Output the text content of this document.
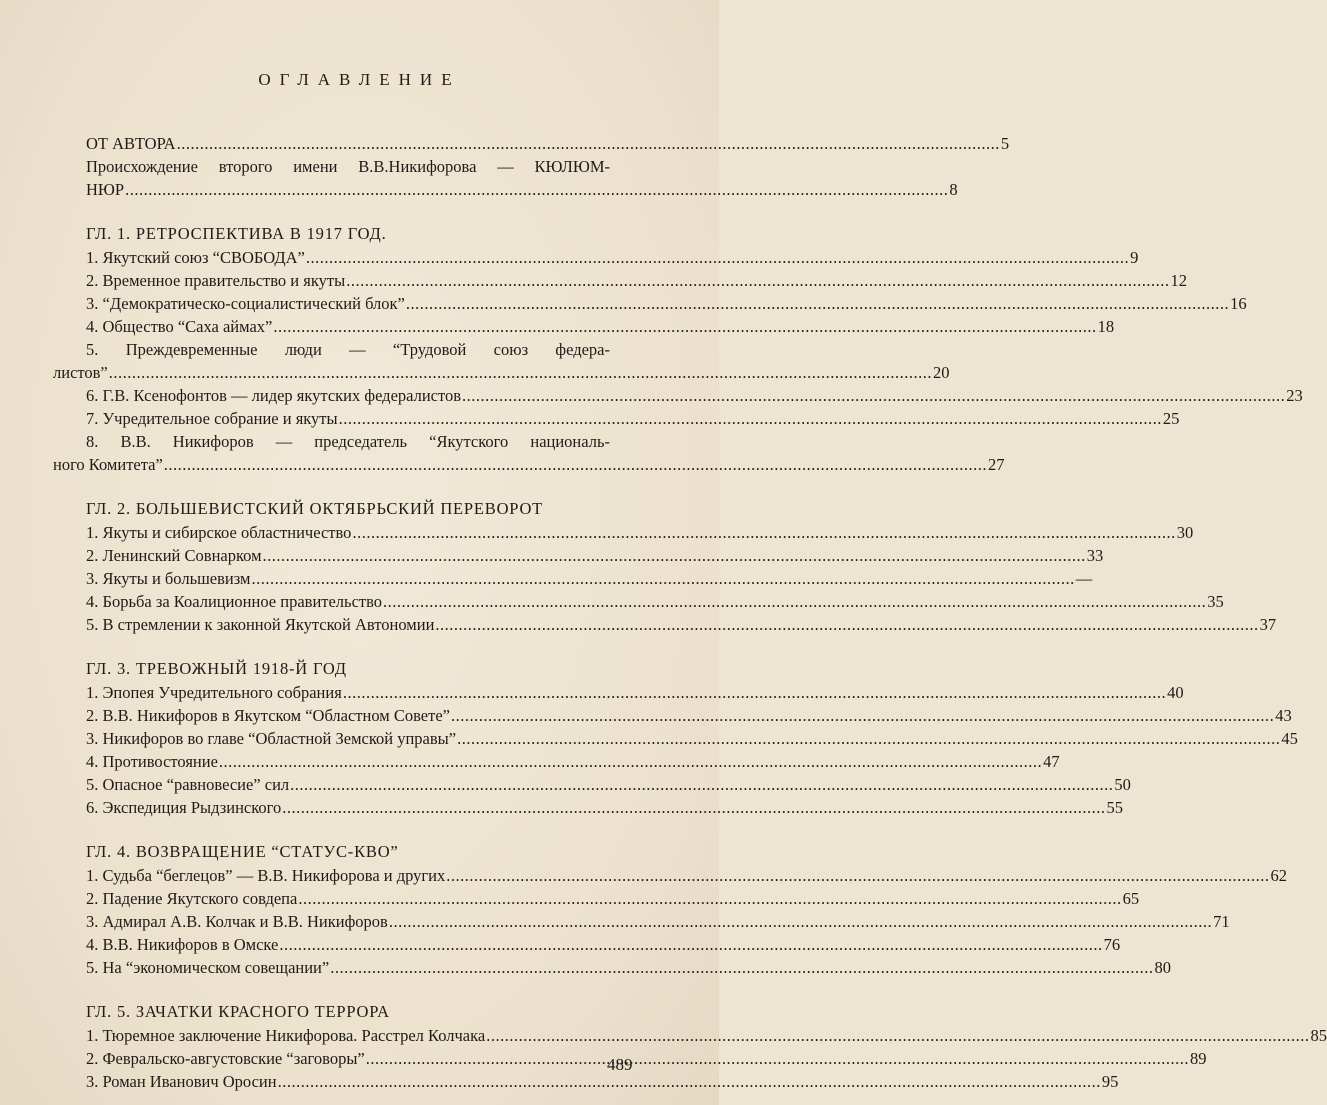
ОГЛАВЛЕНИЕ
ОТ АВТОРА .....	5
Происхождение второго имени В.В.Никифорова — КЮЛЮМ-
НЮР .....	8
ГЛ. 1. РЕТРОСПЕКТИВА В 1917 ГОД.
1. Якутский союз “СВОБОДА” .....	9
2. Временное правительство и якуты .....	12
3. “Демократическо-социалистический блок” .....	16
4. Общество “Саха аймах” .....	18
5. Преждевременные люди — “Трудовой союз федера-
листов” .....	20
6. Г.В. Ксенофонтов — лидер якутских федералистов .....	23
7. Учредительное собрание и якуты .....	25
8. В.В. Никифоров — председатель “Якутского националь-
ного Комитета” .....	27
ГЛ. 2. БОЛЬШЕВИСТСКИЙ ОКТЯБРЬСКИЙ ПЕРЕВОРОТ
1. Якуты и сибирское областничество .....	30
2. Ленинский Совнарком .....	33
3. Якуты и большевизм .....	—
4. Борьба за Коалиционное правительство .....	35
5. В стремлении к законной Якутской Автономии .....	37
ГЛ. 3. ТРЕВОЖНЫЙ 1918-Й ГОД
1. Эпопея Учредительного собрания .....	40
2. В.В. Никифоров в Якутском “Областном Совете” .....	43
3. Никифоров во главе “Областной Земской управы” .....	45
4. Противостояние .....	47
5. Опасное “равновесие” сил .....	50
6. Экспедиция Рыдзинского .....	55
ГЛ. 4. ВОЗВРАЩЕНИЕ “СТАТУС-КВО”
1. Судьба “беглецов” — В.В. Никифорова и других .....	62
2. Падение Якутского совдепа .....	65
3. Адмирал А.В. Колчак и В.В. Никифоров .....	71
4. В.В. Никифоров в Омске .....	76
5. На “экономическом совещании” .....	80
ГЛ. 5. ЗАЧАТКИ КРАСНОГО ТЕРРОРА
1. Тюремное заключение Никифорова. Расстрел Колчака .....	85
2. Февральско-августовские “заговоры” .....	89
3. Роман Иванович Оросин .....	95
489
